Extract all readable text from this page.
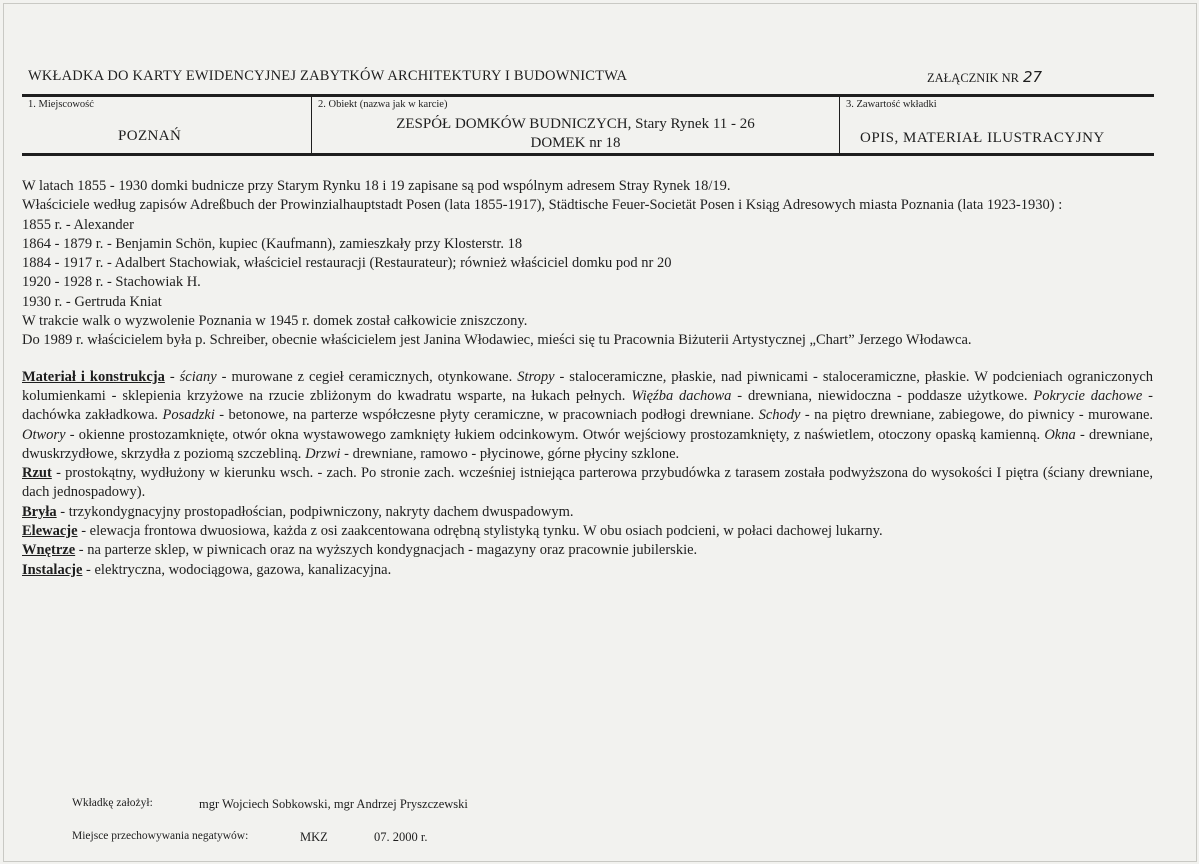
WKŁADKA DO KARTY EWIDENCYJNEJ ZABYTKÓW ARCHITEKTURY I BUDOWNICTWA	ZAŁĄCZNIK NR 27
1. Miejscowość
POZNAŃ
2. Obiekt (nazwa jak w karcie)
ZESPÓŁ DOMKÓW BUDNICZYCH, Stary Rynek 11 - 26
DOMEK nr 18
3. Zawartość wkładki
OPIS, MATERIAŁ ILUSTRACYJNY

W latach 1855 - 1930 domki budnicze przy Starym Rynku 18 i 19 zapisane są pod wspólnym adresem Stray Rynek 18/19.

Właściciele według zapisów Adreßbuch der Prowinzialhauptstadt Posen (lata 1855-1917), Städtische Feuer-Societät Posen i Ksiąg Adresowych miasta Poznania (lata 1923-1930) :

1855 r. - Alexander

1864 - 1879 r. - Benjamin Schön, kupiec (Kaufmann), zamieszkały przy Klosterstr. 18

1884 - 1917 r. - Adalbert Stachowiak, właściciel restauracji (Restaurateur); również właściciel domku pod nr 20

1920 - 1928 r. - Stachowiak H.

1930 r. - Gertruda Kniat

W trakcie walk o wyzwolenie Poznania w 1945 r. domek został całkowicie zniszczony.

Do 1989 r. właścicielem była p. Schreiber, obecnie właścicielem jest Janina Włodawiec, mieści się tu Pracownia Biżuterii Artystycznej „Chart” Jerzego Włodawca.

Materiał i konstrukcja - ściany - murowane z cegieł ceramicznych, otynkowane. Stropy - staloceramiczne, płaskie, nad piwnicami - staloceramiczne, płaskie. W podcieniach ograniczonych kolumienkami - sklepienia krzyżowe na rzucie zbliżonym do kwadratu wsparte, na łukach pełnych. Więźba dachowa - drewniana, niewidoczna - poddasze użytkowe. Pokrycie dachowe - dachówka zakładkowa. Posadzki - betonowe, na parterze współczesne płyty ceramiczne, w pracowniach podłogi drewniane. Schody - na piętro drewniane, zabiegowe, do piwnicy - murowane. Otwory - okienne prostozamknięte, otwór okna wystawowego zamknięty łukiem odcinkowym. Otwór wejściowy prostozamknięty, z naświetlem, otoczony opaską kamienną. Okna - drewniane, dwuskrzydłowe, skrzydła z poziomą szczebliną. Drzwi - drewniane, ramowo - płycinowe, górne płyciny szklone.

Rzut - prostokątny, wydłużony w kierunku wsch. - zach. Po stronie zach. wcześniej istniejąca parterowa przybudówka z tarasem została podwyższona do wysokości I piętra (ściany drewniane, dach jednospadowy).

Bryła - trzykondygnacyjny prostopadłościan, podpiwniczony, nakryty dachem dwuspadowym.

Elewacje - elewacja frontowa dwuosiowa, każda z osi zaakcentowana odrębną stylistyką tynku. W obu osiach podcieni, w połaci dachowej lukarny.

Wnętrze - na parterze sklep, w piwnicach oraz na wyższych kondygnacjach - magazyny oraz pracownie jubilerskie.

Instalacje - elektryczna, wodociągowa, gazowa, kanalizacyjna.

Wkładkę założył:	mgr Wojciech Sobkowski, mgr Andrzej Pryszczewski
Miejsce przechowywania negatywów:	MKZ	07. 2000 r.
